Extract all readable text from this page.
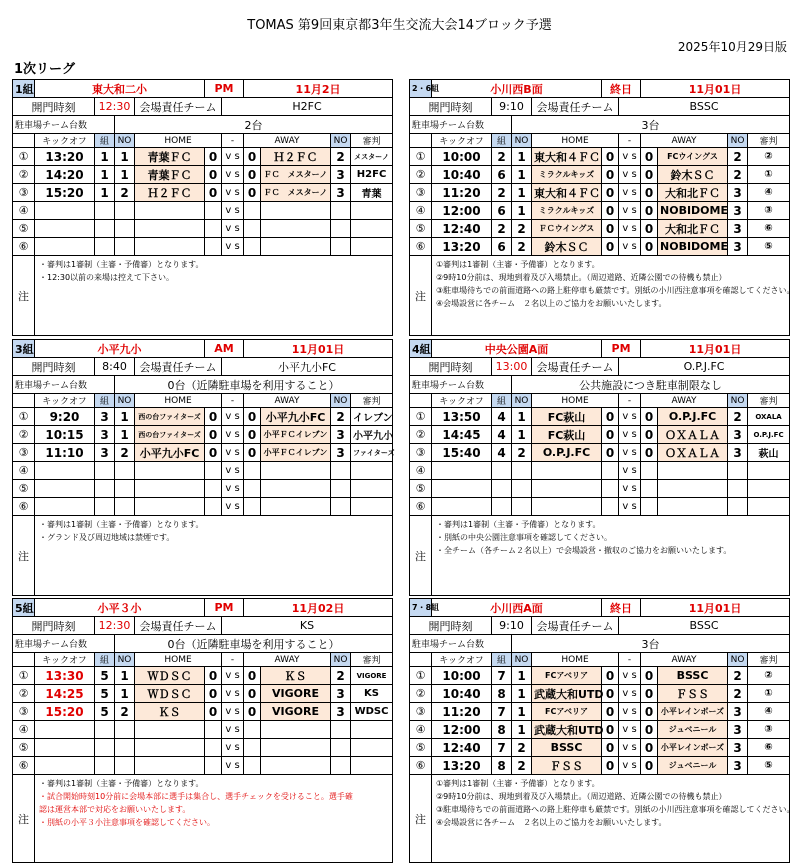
TOMAS 第9回東京都3年生交流大会14ブロック予選
2025年10月29日版
1次リーグ
1組	東大和二小				PM		11月2日			
開門時刻		12:30		会場責任チーム		H2FC				
駐車場チーム台数			2台							
	キックオフ	組	NO	HOME		-	AWAY		NO	審判
①	13:20	1	1	青葉ＦＣ	0	v s	0	Ｈ２ＦＣ	2	メスターノ
②	14:20	1	1	青葉ＦＣ	0	v s	0	ＦＣ　メスターノ	3	H2FC
③	15:20	1	2	Ｈ２ＦＣ	0	v s	0	ＦＣ　メスターノ	3	青葉
④						v s				
⑤						v s				
⑥						v s				
注	・審判は1審制（主審・予備審）となります。
・12:30以前の来場は控えて下さい。									
2・6組	小川西B面				終日		11月01日			
開門時刻		9:10		会場責任チーム		BSSC				
駐車場チーム台数			3台							
	キックオフ	組	NO	HOME		-	AWAY		NO	審判
①	10:00	2	1	東大和４ＦＣ	0	v s	0	FCウイングス	2	②
②	10:40	6	1	ミラクルキッズ	0	v s	0	鈴木ＳＣ	2	①
③	11:20	2	1	東大和４ＦＣ	0	v s	0	大和北ＦＣ	3	④
④	12:00	6	1	ミラクルキッズ	0	v s	0	NOBIDOME	3	③
⑤	12:40	2	2	ＦＣウイングス	0	v s	0	大和北ＦＣ	3	⑥
⑥	13:20	6	2	鈴木ＳＣ	0	v s	0	NOBIDOME	3	⑤
注	①審判は1審制（主審・予備審）となります。
②9時10分前は、現地到着及び入場禁止。（周辺道路、近隣公園での待機も禁止）
③駐車場待ちでの前面道路への路上駐停車も厳禁です。別紙の小川西注意事項を確認してください。
④会場設営に各チーム　２名以上のご協力をお願いいたします。									
3組	小平九小				AM		11月01日			
開門時刻		8:40		会場責任チーム		小平九小FC				
駐車場チーム台数			0台（近隣駐車場を利用すること）							
	キックオフ	組	NO	HOME		-	AWAY		NO	審判
①	9:20	3	1	西の台ファイターズ	0	v s	0	小平九小FC	2	イレブン
②	10:15	3	1	西の台ファイターズ	0	v s	0	小平ＦＣイレブン	3	小平九小
③	11:10	3	2	小平九小FC	0	v s	0	小平ＦＣイレブン	3	ファイターズ
④						v s				
⑤						v s				
⑥						v s				
注	・審判は1審制（主審・予備審）となります。
・グランド及び周辺地域は禁煙です。									
4組	中央公園A面				PM		11月01日			
開門時刻		13:00		会場責任チーム		O.P.J.FC				
駐車場チーム台数			公共施設につき駐車制限なし							
	キックオフ	組	NO	HOME		-	AWAY		NO	審判
①	13:50	4	1	FC萩山	0	v s	0	O.P.J.FC	2	OXALA
②	14:45	4	1	FC萩山	0	v s	0	ＯＸＡＬＡ	3	O.P.J.FC
③	15:40	4	2	O.P.J.FC	0	v s	0	ＯＸＡＬＡ	3	萩山
④						v s				
⑤						v s				
⑥						v s				
注	・審判は1審制（主審・予備審）となります。
・別紙の中央公園注意事項を確認してください。
・全チーム（各チーム２名以上）で会場設営・撤収のご協力をお願いいたします。									
5組	小平３小				PM		11月02日			
開門時刻		12:30		会場責任チーム		KS				
駐車場チーム台数			0台（近隣駐車場を利用すること）							
	キックオフ	組	NO	HOME		-	AWAY		NO	審判
①	13:30	5	1	ＷＤＳＣ	0	v s	0	ＫＳ	2	VIGORE
②	14:25	5	1	ＷＤＳＣ	0	v s	0	VIGORE	3	KS
③	15:20	5	2	ＫＳ	0	v s	0	VIGORE	3	WDSC
④						v s				
⑤						v s				
⑥						v s				
注	・審判は1審制（主審・予備審）となります。
・試合開始時刻10分前に会場本部に選手は集合し、選手チェックを受けること。選手確
認は運営本部で対応をお願いいたします。
・別紙の小平３小注意事項を確認してください。									
7・8組	小川西A面				終日		11月01日			
開門時刻		9:10		会場責任チーム		BSSC				
駐車場チーム台数			3台							
	キックオフ	組	NO	HOME		-	AWAY		NO	審判
①	10:00	7	1	FCアベリア	0	v s	0	BSSC	2	②
②	10:40	8	1	武蔵大和UTD	0	v s	0	ＦＳＳ	2	①
③	11:20	7	1	FCアベリア	0	v s	0	小平レインボーズ	3	④
④	12:00	8	1	武蔵大和UTD	0	v s	0	ジュベニール	3	③
⑤	12:40	7	2	BSSC	0	v s	0	小平レインボーズ	3	⑥
⑥	13:20	8	2	ＦＳＳ	0	v s	0	ジュベニール	3	⑤
注	①審判は1審制（主審・予備審）となります。
②9時10分前は、現地到着及び入場禁止。（周辺道路、近隣公園での待機も禁止）
③駐車場待ちでの前面道路への路上駐停車も厳禁です。別紙の小川西注意事項を確認してください。
④会場設営に各チーム　２名以上のご協力をお願いいたします。									
